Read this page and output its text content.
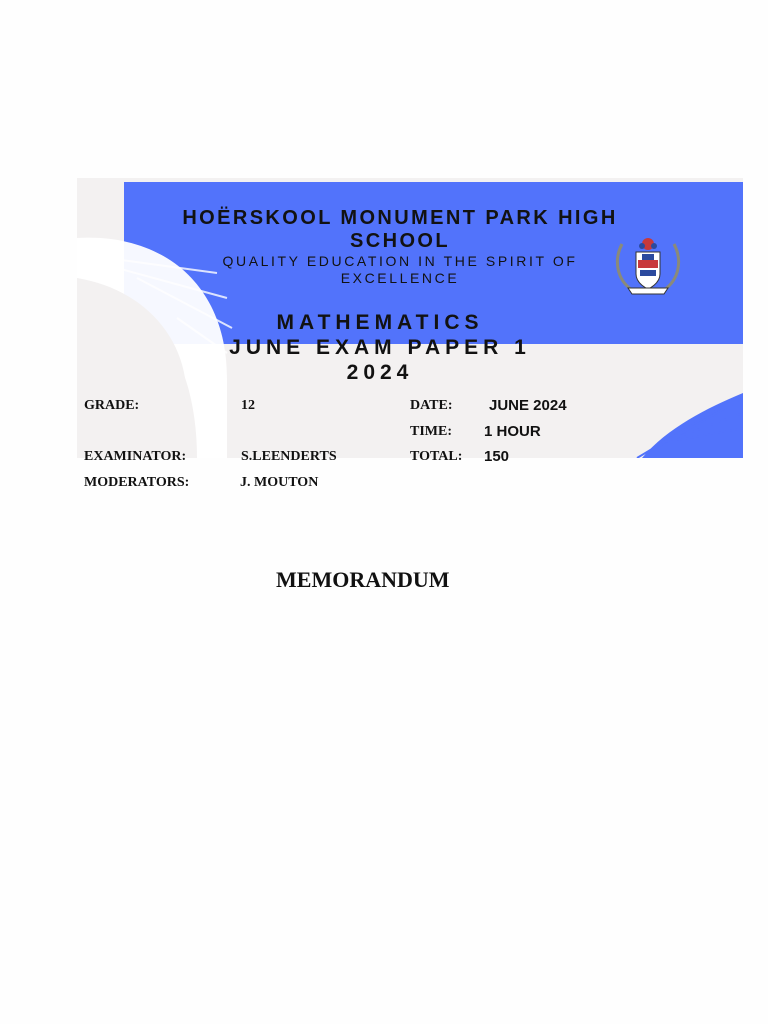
HOËRSKOOL MONUMENT PARK HIGH
SCHOOL
QUALITY EDUCATION IN THE SPIRIT OF
EXCELLENCE
MATHEMATICS
JUNE EXAM PAPER 1
2024
GRADE:	12	DATE: JUNE 2024
TIME: 1 HOUR
EXAMINATOR:	S.LEENDERTS	TOTAL: 150
MODERATORS:	J. MOUTON
MEMORANDUM
